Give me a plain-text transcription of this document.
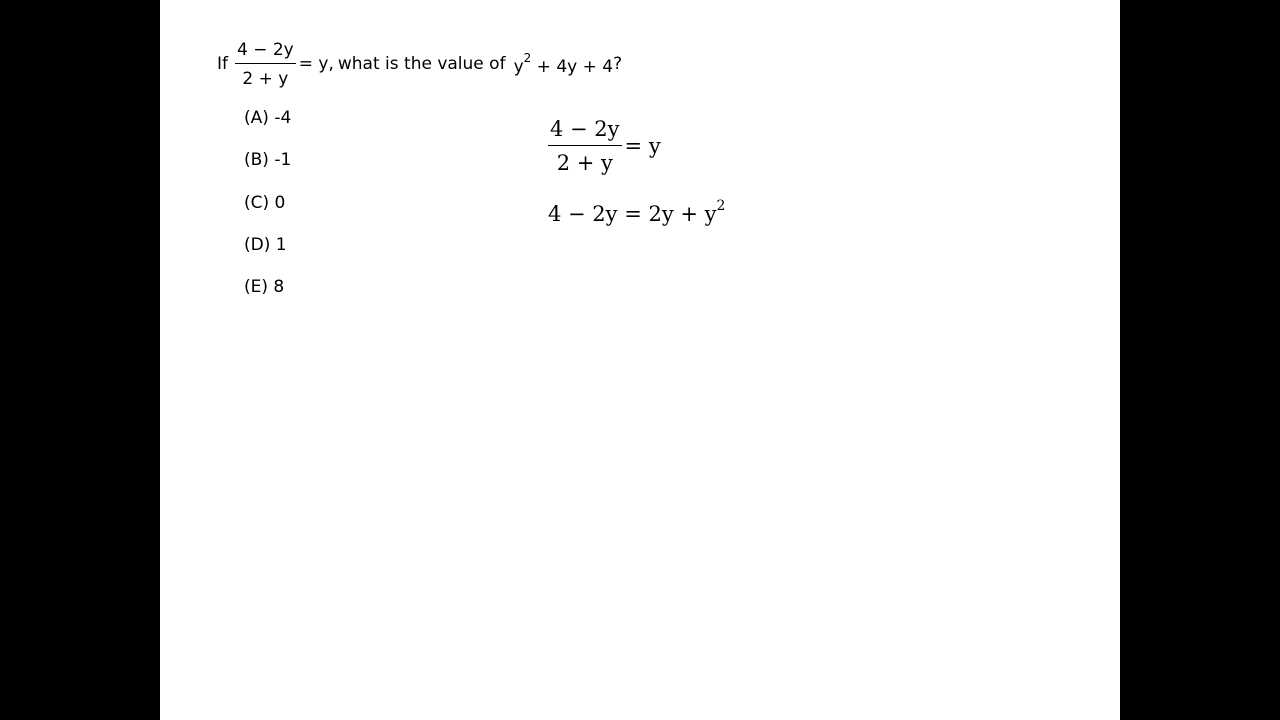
If $\frac{4 - 2y}{2 + y} = y$, what is the value of $y^2 + 4y + 4$ ?
(A) -4
(B) -1
(C) 0
(D) 1
(E) 8
$\frac{4 - 2y}{2 + y} = y$
$4 - 2y = 2y + y^2$
